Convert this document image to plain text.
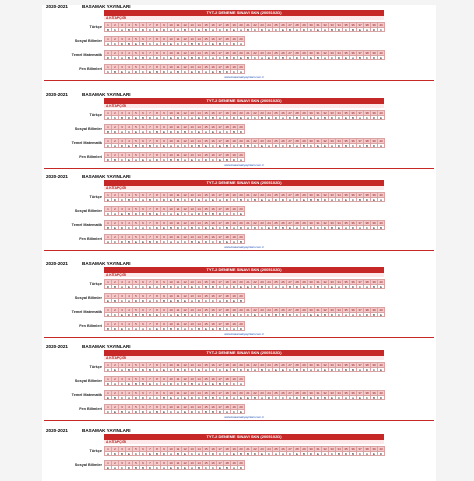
2020-2021	BASAMAK YAYINLARI
TYT-2 DENEME SINAVI SKN (2005102D)
A KİTAPÇIĞI
Türkçe	1	2	3	4	5	6	7	8	9	10	11	12	13	14	15	16	17	18	19	20	21	22	23	24	25	26	27	28	29	30	31	32	33	34	35	36	37	38	39	40
B	C	A	B	D	D	C	E	D	A	A	B	C	E	B	A	C	D	E	A	B	C	D	A	C	E	B	A	D	C	E	A	B	D	C	B	E	A	D	C
Sosyal Bilimler	1	2	3	4	5	6	7	8	9	10	11	12	13	14	15	16	17	18	19	20
A	C	D	B	E	B	C	A	D	E	C	A	B	D	A	E	B	C	D	A
Temel Matematik	1	2	3	4	5	6	7	8	9	10	11	12	13	14	15	16	17	18	19	20	21	22	23	24	25	26	27	28	29	30	31	32	33	34	35	36	37	38	39	40
D	C	A	B	E	B	A	D	C	E	A	E	B	D	C	A	C	B	D	E	B	C	A	E	D	B	A	D	C	E	B	A	C	D	E	A	B	C	D	E
Fen Bilimleri	1	2	3	4	5	6	7	8	9	10	11	12	13	14	15	16	17	18	19	20
C	B	E	A	D	C	E	B	D	A	B	C	E	D	A	E	B	D	C	A
www.basamakyayinlari.com.tr
2020-2021	BASAMAK YAYINLARI
TYT-2 DENEME SINAVI SKN (2005102D)
A KİTAPÇIĞI
Türkçe	1	2	3	4	5	6	7	8	9	10	11	12	13	14	15	16	17	18	19	20	21	22	23	24	25	26	27	28	29	30	31	32	33	34	35	36	37	38	39	40
A	C	B	D	E	B	D	A	C	E	B	C	A	E	D	B	A	C	D	E	A	C	B	E	D	A	D	B	C	E	A	B	D	C	E	B	A	C	D	E
Sosyal Bilimler	1	2	3	4	5	6	7	8	9	10	11	12	13	14	15	16	17	18	19	20
B	D	A	C	E	A	C	B	E	D	D	B	C	E	A	E	A	C	B	D
Temel Matematik	1	2	3	4	5	6	7	8	9	10	11	12	13	14	15	16	17	18	19	20	21	22	23	24	25	26	27	28	29	30	31	32	33	34	35	36	37	38	39	40
C	A	D	E	B	D	B	C	E	A	A	C	D	B	E	C	E	B	A	D	B	C	E	A	D	C	D	A	B	C	E	E	A	D	B	C	C	B	D	A
Fen Bilimleri	1	2	3	4	5	6	7	8	9	10	11	12	13	14	15	16	17	18	19	20
D	B	C	E	A	E	A	D	C	B	B	A	E	C	D	C	E	B	D	A
www.basamakyayinlari.com.tr
2020-2021	BASAMAK YAYINLARI
TYT-2 DENEME SINAVI SKN (2005102D)
A KİTAPÇIĞI
Türkçe	1	2	3	4	5	6	7	8	9	10	11	12	13	14	15	16	17	18	19	20	21	22	23	24	25	26	27	28	29	30	31	32	33	34	35	36	37	38	39	40
E	D	C	B	A	A	B	C	D	E	B	C	D	E	A	E	A	D	C	B	C	B	E	A	D	D	A	C	E	B	B	D	A	C	E	C	B	D	E	A
Sosyal Bilimler	1	2	3	4	5	6	7	8	9	10	11	12	13	14	15	16	17	18	19	20
C	A	E	B	D	D	B	E	C	A	E	C	A	D	B	B	D	A	C	E
Temel Matematik	1	2	3	4	5	6	7	8	9	10	11	12	13	14	15	16	17	18	19	20	21	22	23	24	25	26	27	28	29	30	31	32	33	34	35	36	37	38	39	40
B	E	D	C	A	A	C	D	E	B	D	A	B	C	E	E	C	B	A	D	A	D	C	E	B	B	E	A	C	D	C	D	B	E	A	D	A	C	E	B
Fen Bilimleri	1	2	3	4	5	6	7	8	9	10	11	12	13	14	15	16	17	18	19	20
A	C	D	B	E	E	B	D	C	A	A	C	B	E	D	C	D	E	A	B
www.basamakyayinlari.com.tr
2020-2021	BASAMAK YAYINLARI
TYT-2 DENEME SINAVI SKN (2005102D)
A KİTAPÇIĞI
Türkçe	1	2	3	4	5	6	7	8	9	10	11	12	13	14	15	16	17	18	19	20	21	22	23	24	25	26	27	28	29	30	31	32	33	34	35	36	37	38	39	40
D	B	A	E	C	C	E	A	B	D	A	D	E	C	B	B	C	A	D	E	E	D	B	C	A	A	B	D	E	C	B	C	E	A	D	D	C	A	B	E
Sosyal Bilimler	1	2	3	4	5	6	7	8	9	10	11	12	13	14	15	16	17	18	19	20
E	B	C	A	D	D	A	C	B	E	B	E	A	D	C	C	A	D	E	B
Temel Matematik	1	2	3	4	5	6	7	8	9	10	11	12	13	14	15	16	17	18	19	20	21	22	23	24	25	26	27	28	29	30	31	32	33	34	35	36	37	38	39	40
A	C	E	D	B	B	D	E	C	A	E	B	A	C	D	D	A	B	E	C	C	E	A	D	B	B	D	C	A	E	E	B	D	C	A	A	C	D	B	E
Fen Bilimleri	1	2	3	4	5	6	7	8	9	10	11	12	13	14	15	16	17	18	19	20
B	D	E	C	A	A	C	E	D	B	D	A	C	B	E	E	B	C	A	D
www.basamakyayinlari.com.tr
2020-2021	BASAMAK YAYINLARI
TYT-2 DENEME SINAVI SKN (2005102D)
A KİTAPÇIĞI
Türkçe	1	2	3	4	5	6	7	8	9	10	11	12	13	14	15	16	17	18	19	20	21	22	23	24	25	26	27	28	29	30	31	32	33	34	35	36	37	38	39	40
C	E	A	B	D	D	B	A	E	C	B	D	C	E	A	A	C	E	B	D	D	A	B	C	E	E	C	B	D	A	A	E	D	C	B	B	A	D	C	E
Sosyal Bilimler	1	2	3	4	5	6	7	8	9	10	11	12	13	14	15	16	17	18	19	20
D	A	C	E	B	B	E	C	A	D	C	D	B	A	E	E	B	D	C	A
Temel Matematik	1	2	3	4	5	6	7	8	9	10	11	12	13	14	15	16	17	18	19	20	21	22	23	24	25	26	27	28	29	30	31	32	33	34	35	36	37	38	39	40
E	B	C	A	D	D	A	C	B	E	A	E	D	C	B	B	C	D	A	E	E	B	A	D	C	C	A	D	B	E	D	B	E	C	A	A	E	C	B	D
Fen Bilimleri	1	2	3	4	5	6	7	8	9	10	11	12	13	14	15	16	17	18	19	20
C	E	B	A	D	D	A	B	E	C	A	E	D	C	B	B	D	A	C	E
www.basamakyayinlari.com.tr
2020-2021	BASAMAK YAYINLARI
TYT-2 DENEME SINAVI SKN (2005102D)
A KİTAPÇIĞI
Türkçe	1	2	3	4	5	6	7	8	9	10	11	12	13	14	15	16	17	18	19	20	21	22	23	24	25	26	27	28	29	30	31	32	33	34	35	36	37	38	39	40
A	D	B	E	C	C	E	B	D	A	B	E	C	A	D	D	C	A	E	B	B	D	E	C	A	A	C	E	B	D	E	A	C	B	D	B	C	A	E	D
Sosyal Bilimler	1	2	3	4	5	6	7	8	9	10	11	12	13	14	15	16	17	18	19	20
E	A	C	D	B	B	D	C	A	E	D	E	A	B	C	C	E	B	A	D
